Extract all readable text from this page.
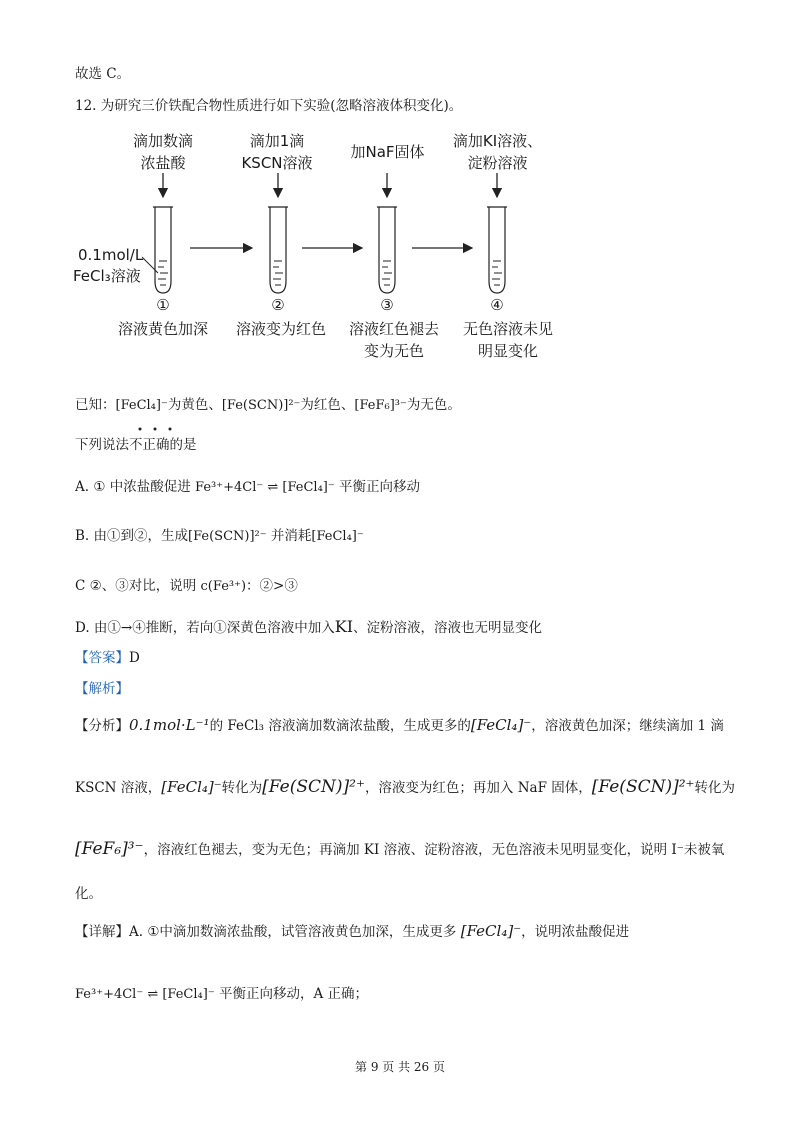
故选 C。
12. 为研究三价铁配合物性质进行如下实验(忽略溶液体积变化)。
滴加数滴
浓盐酸
滴加1滴
KSCN溶液
加NaF固体
滴加KI溶液、
淀粉溶液
0.1mol/L
FeCl₃溶液
①	②	③	④
溶液黄色加深	溶液变为红色	溶液红色褪去
变为无色
无色溶液未见
明显变化
已知：[FeCl₄]⁻为黄色、[Fe(SCN)]²⁻为红色、[FeF₆]³⁻为无色。
下列说法不正确的是
A. ① 中浓盐酸促进 Fe³⁺+4Cl⁻ ⇌ [FeCl₄]⁻ 平衡正向移动
B. 由①到②，生成[Fe(SCN)]²⁻ 并消耗[FeCl₄]⁻
C ②、③对比，说明 c(Fe³⁺)：②>③
D. 由①→④推断，若向①深黄色溶液中加入KI、淀粉溶液，溶液也无明显变化
【答案】D
【解析】
【分析】0.1mol·L⁻¹的 FeCl₃ 溶液滴加数滴浓盐酸，生成更多的[FeCl₄]⁻，溶液黄色加深；继续滴加 1 滴
KSCN 溶液，[FeCl₄]⁻转化为[Fe(SCN)]²⁺，溶液变为红色；再加入 NaF 固体，[Fe(SCN)]²⁺转化为
[FeF₆]³⁻，溶液红色褪去，变为无色；再滴加 KI 溶液、淀粉溶液，无色溶液未见明显变化，说明 I⁻未被氧
化。
【详解】A. ①中滴加数滴浓盐酸，试管溶液黄色加深，生成更多 [FeCl₄]⁻，说明浓盐酸促进
Fe³⁺+4Cl⁻ ⇌ [FeCl₄]⁻ 平衡正向移动，A 正确；
第 9 页 共 26 页
